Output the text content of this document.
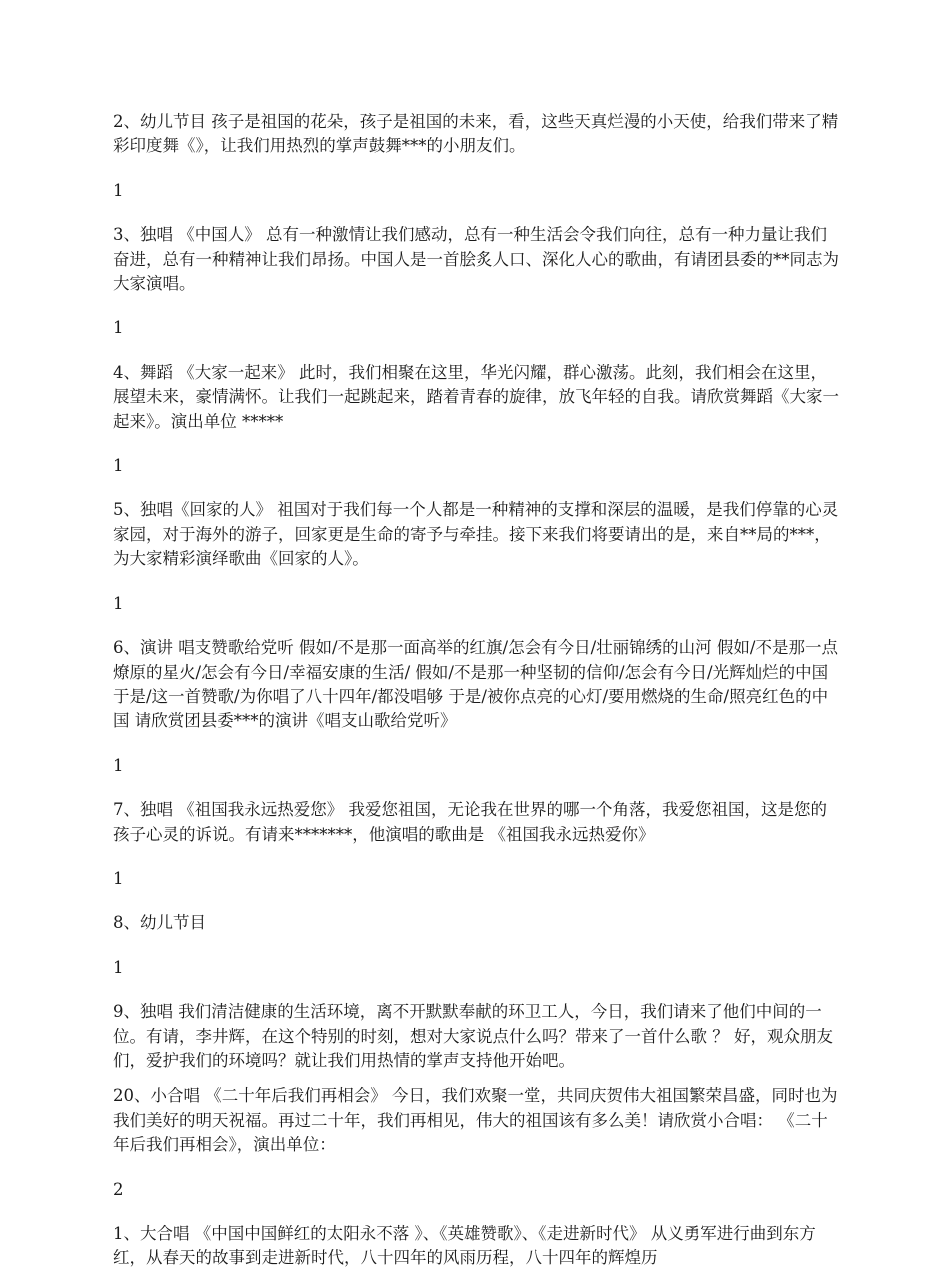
2、幼儿节目 孩子是祖国的花朵，孩子是祖国的未来，看，这些天真烂漫的小天使，给我们带来了精彩印度舞《》，让我们用热烈的掌声鼓舞***的小朋友们。

1

3、独唱 《中国人》 总有一种激情让我们感动，总有一种生活会令我们向往，总有一种力量让我们奋进，总有一种精神让我们昂扬。中国人是一首脍炙人口、深化人心的歌曲，有请团县委的**同志为大家演唱。

1

4、舞蹈 《大家一起来》 此时，我们相聚在这里，华光闪耀，群心激荡。此刻，我们相会在这里，展望未来，豪情满怀。让我们一起跳起来，踏着青春的旋律，放飞年轻的自我。请欣赏舞蹈《大家一起来》。演出单位 *****

1

5、独唱《回家的人》 祖国对于我们每一个人都是一种精神的支撑和深层的温暖，是我们停靠的心灵家园，对于海外的游子，回家更是生命的寄予与牵挂。接下来我们将要请出的是，来自**局的***，为大家精彩演绎歌曲《回家的人》。

1

6、演讲 唱支赞歌给党听 假如/不是那一面高举的红旗/怎会有今日/壮丽锦绣的山河 假如/不是那一点燎原的星火/怎会有今日/幸福安康的生活/ 假如/不是那一种坚韧的信仰/怎会有今日/光辉灿烂的中国 于是/这一首赞歌/为你唱了八十四年/都没唱够 于是/被你点亮的心灯/要用燃烧的生命/照亮红色的中国 请欣赏团县委***的演讲《唱支山歌给党听》

1

7、独唱 《祖国我永远热爱您》 我爱您祖国，无论我在世界的哪一个角落，我爱您祖国，这是您的孩子心灵的诉说。有请来*******，他演唱的歌曲是 《祖国我永远热爱你》

1

8、幼儿节目

1

9、独唱 我们清洁健康的生活环境，离不开默默奉献的环卫工人，今日，我们请来了他们中间的一位。有请，李井辉，在这个特别的时刻，想对大家说点什么吗？带来了一首什么歌 ？ 好，观众朋友们，爱护我们的环境吗？就让我们用热情的掌声支持他开始吧。

20、小合唱 《二十年后我们再相会》 今日，我们欢聚一堂，共同庆贺伟大祖国繁荣昌盛，同时也为我们美好的明天祝福。再过二十年，我们再相见，伟大的祖国该有多么美！请欣赏小合唱： 《二十年后我们再相会》，演出单位：

2

1、大合唱 《中国中国鲜红的太阳永不落 》、《英雄赞歌》、《走进新时代》 从义勇军进行曲到东方红，从春天的故事到走进新时代，八十四年的风雨历程，八十四年的辉煌历
